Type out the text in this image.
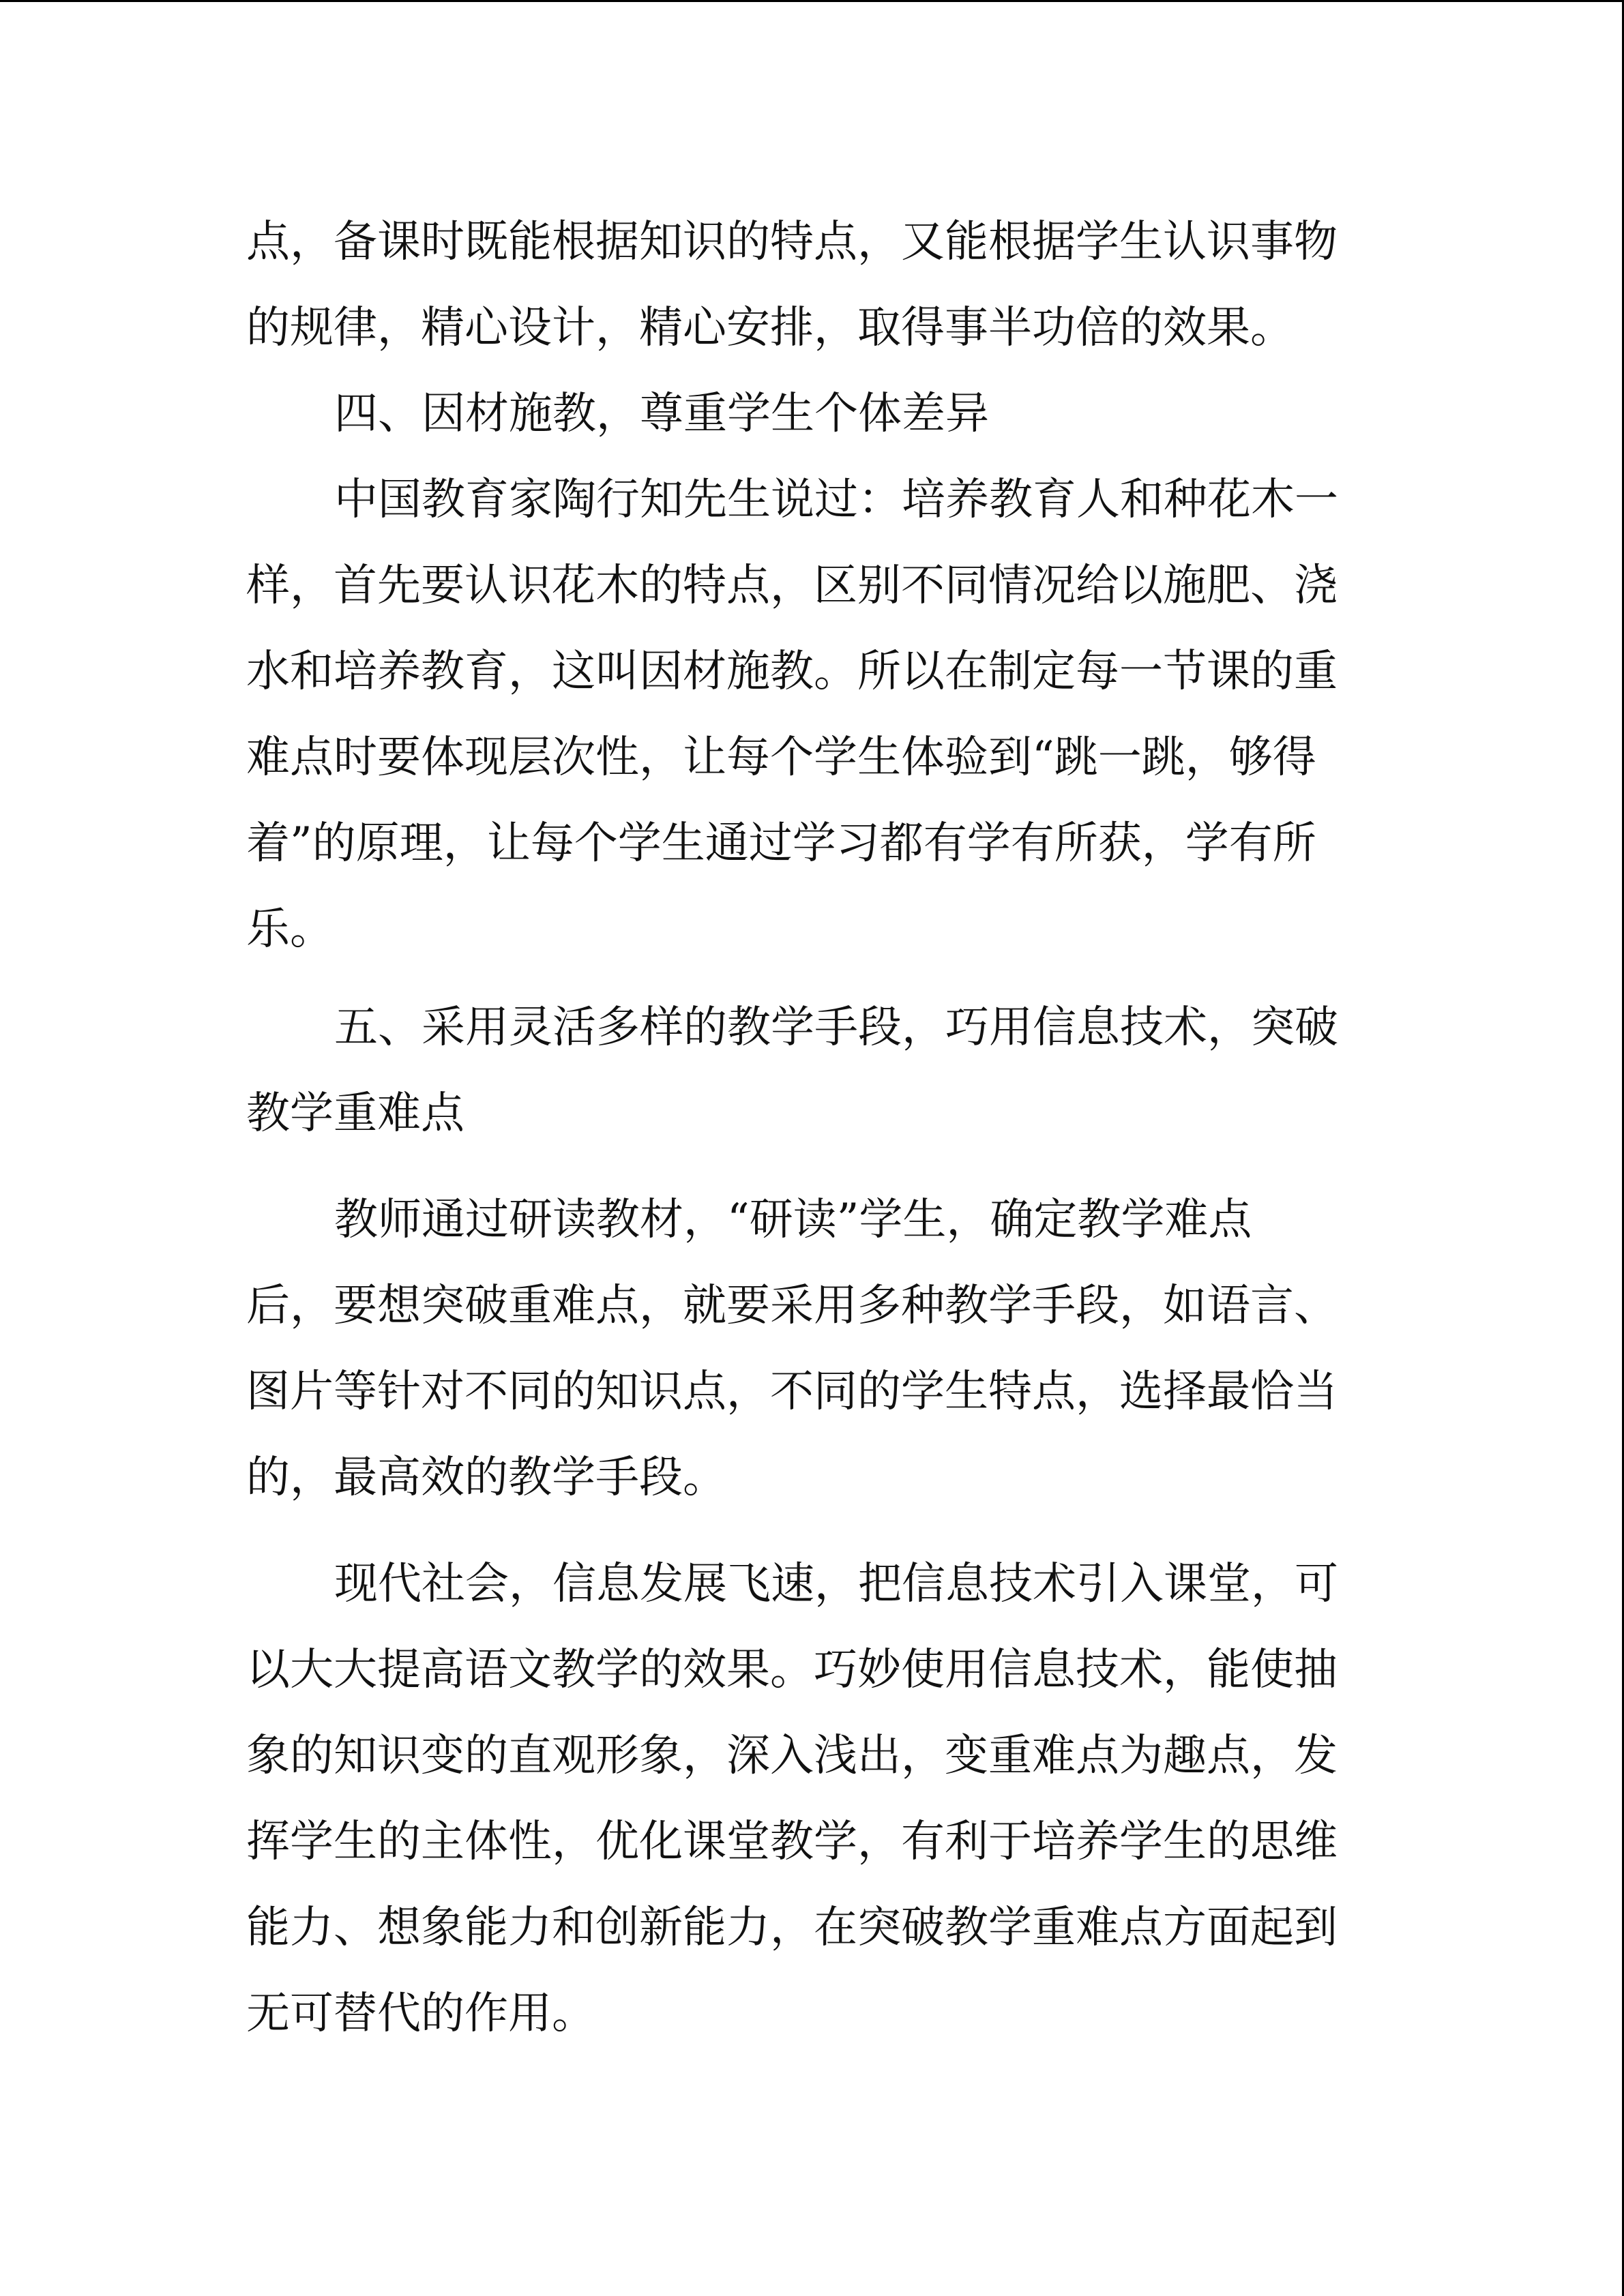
点，备课时既能根据知识的特点，又能根据学生认识事物

的规律，精心设计，精心安排，取得事半功倍的效果。

四、因材施教，尊重学生个体差异

中国教育家陶行知先生说过：培养教育人和种花木一

样，首先要认识花木的特点，区别不同情况给以施肥、浇

水和培养教育，这叫因材施教。所以在制定每一节课的重

难点时要体现层次性，让每个学生体验到“跳一跳，够得

着”的原理，让每个学生通过学习都有学有所获，学有所

乐。

五、采用灵活多样的教学手段，巧用信息技术，突破

教学重难点

教师通过研读教材，“研读”学生，确定教学难点

后，要想突破重难点，就要采用多种教学手段，如语言、

图片等针对不同的知识点，不同的学生特点，选择最恰当

的，最高效的教学手段。

现代社会，信息发展飞速，把信息技术引入课堂，可

以大大提高语文教学的效果。巧妙使用信息技术，能使抽

象的知识变的直观形象，深入浅出，变重难点为趣点，发

挥学生的主体性，优化课堂教学，有利于培养学生的思维

能力、想象能力和创新能力，在突破教学重难点方面起到

无可替代的作用。
